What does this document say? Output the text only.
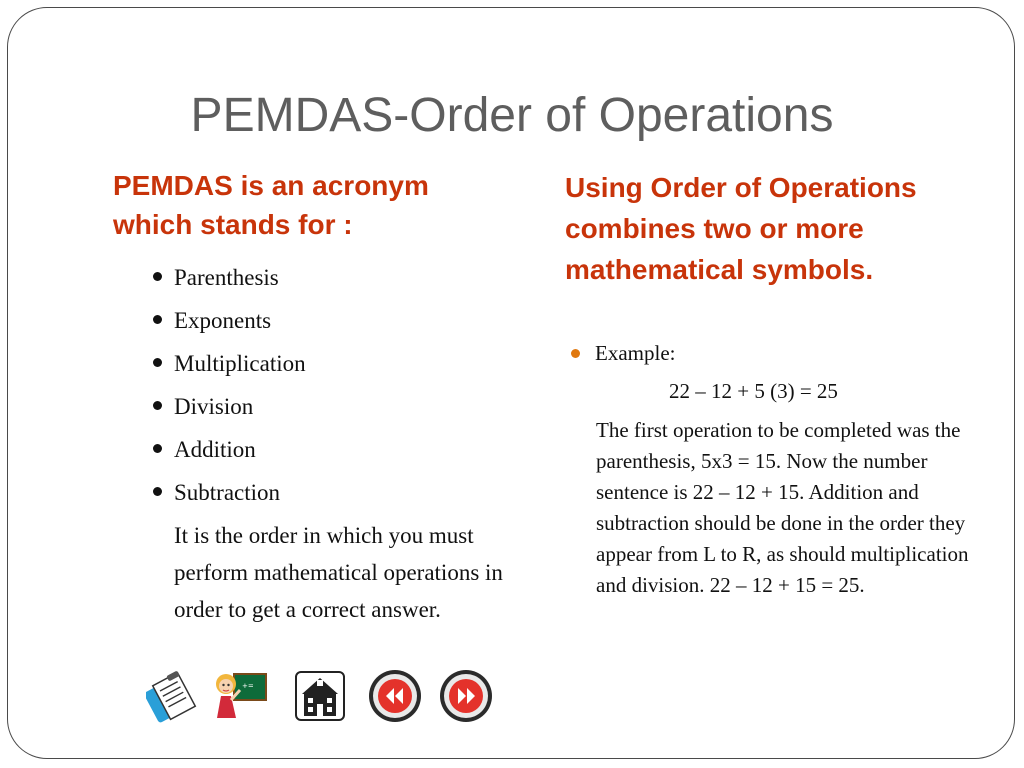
PEMDAS-Order of Operations
PEMDAS is an acronym which stands for :
Parenthesis
Exponents
Multiplication
Division
Addition
Subtraction

It is the order in which you must perform mathematical operations in order to get a correct answer.

Using Order of Operations combines two or more mathematical symbols.
Example:
22 – 12 + 5 (3) = 25

The first operation to be completed was the parenthesis, 5x3 = 15. Now the number sentence is 22 – 12 + 15. Addition and subtraction should be done in the order they appear from L to R, as should multiplication and division. 22 – 12 + 15 = 25.

+=
